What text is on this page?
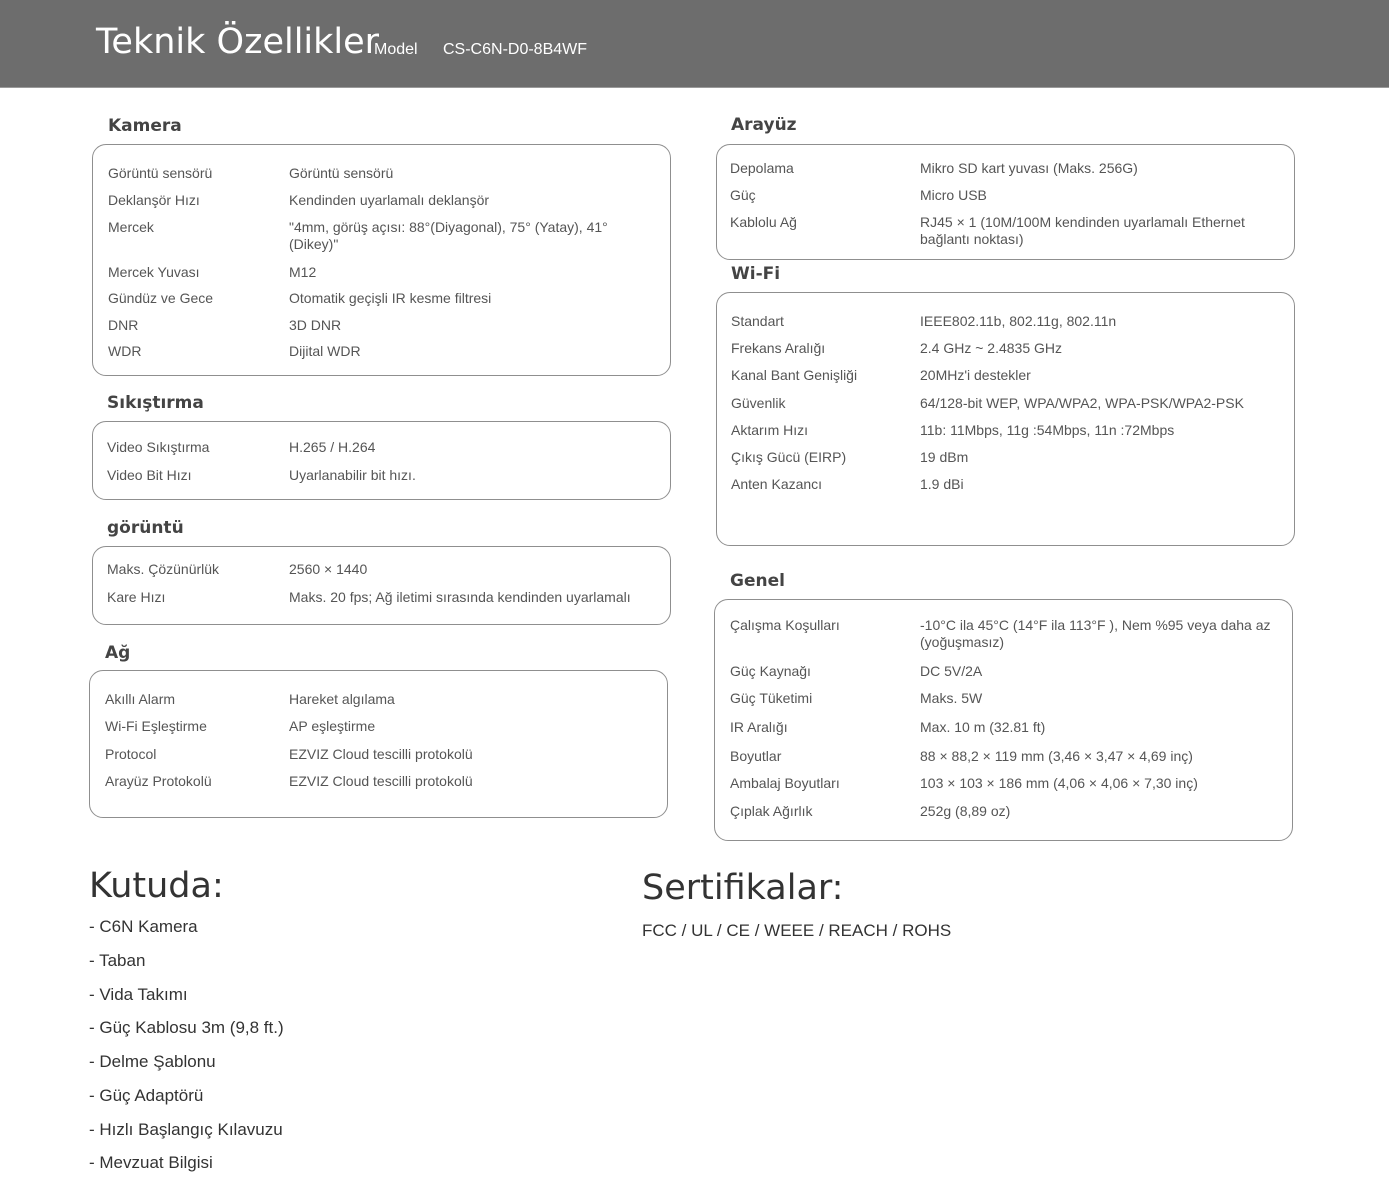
Teknik Özellikler
Model CS-C6N-D0-8B4WF
Kamera
Görüntü sensörü	Görüntü sensörü
Deklanşör Hızı	Kendinden uyarlamalı deklanşör
Mercek	"4mm, görüş açısı: 88°(Diyagonal), 75° (Yatay), 41°(Dikey)"
Mercek Yuvası	M12
Gündüz ve Gece	Otomatik geçişli IR kesme filtresi
DNR	3D DNR
WDR	Dijital WDR
Sıkıştırma
Video Sıkıştırma	H.265 / H.264
Video Bit Hızı	Uyarlanabilir bit hızı.
görüntü
Maks. Çözünürlük	2560 × 1440
Kare Hızı	Maks. 20 fps; Ağ iletimi sırasında kendinden uyarlamalı
Ağ
Akıllı Alarm	Hareket algılama
Wi-Fi Eşleştirme	AP eşleştirme
Protocol	EZVIZ Cloud tescilli protokolü
Arayüz Protokolü	EZVIZ Cloud tescilli protokolü
Arayüz
Depolama	Mikro SD kart yuvası (Maks. 256G)
Güç	Micro USB
Kablolu Ağ	RJ45 × 1 (10M/100M kendinden uyarlamalı Ethernet bağlantı noktası)
Wi-Fi
Standart	IEEE802.11b, 802.11g, 802.11n
Frekans Aralığı	2.4 GHz ~ 2.4835 GHz
Kanal Bant Genişliği	20MHz'i destekler
Güvenlik	64/128-bit WEP, WPA/WPA2, WPA-PSK/WPA2-PSK
Aktarım Hızı	11b: 11Mbps, 11g :54Mbps, 11n :72Mbps
Çıkış Gücü (EIRP)	19 dBm
Anten Kazancı	1.9 dBi
Genel
Çalışma Koşulları	-10°C ila 45°C (14°F ila 113°F ), Nem %95 veya daha az (yoğuşmasız)
Güç Kaynağı	DC 5V/2A
Güç Tüketimi	Maks. 5W
IR Aralığı	Max. 10 m (32.81 ft)
Boyutlar	88 × 88,2 × 119 mm (3,46 × 3,47 × 4,69 inç)
Ambalaj Boyutları	103 × 103 × 186 mm (4,06 × 4,06 × 7,30 inç)
Çıplak Ağırlık	252g (8,89 oz)
Kutuda:
- C6N Kamera
- Taban
- Vida Takımı
- Güç Kablosu 3m (9,8 ft.)
- Delme Şablonu
- Güç Adaptörü
- Hızlı Başlangıç Kılavuzu
- Mevzuat Bilgisi
Sertifikalar:
FCC / UL / CE / WEEE / REACH / ROHS
